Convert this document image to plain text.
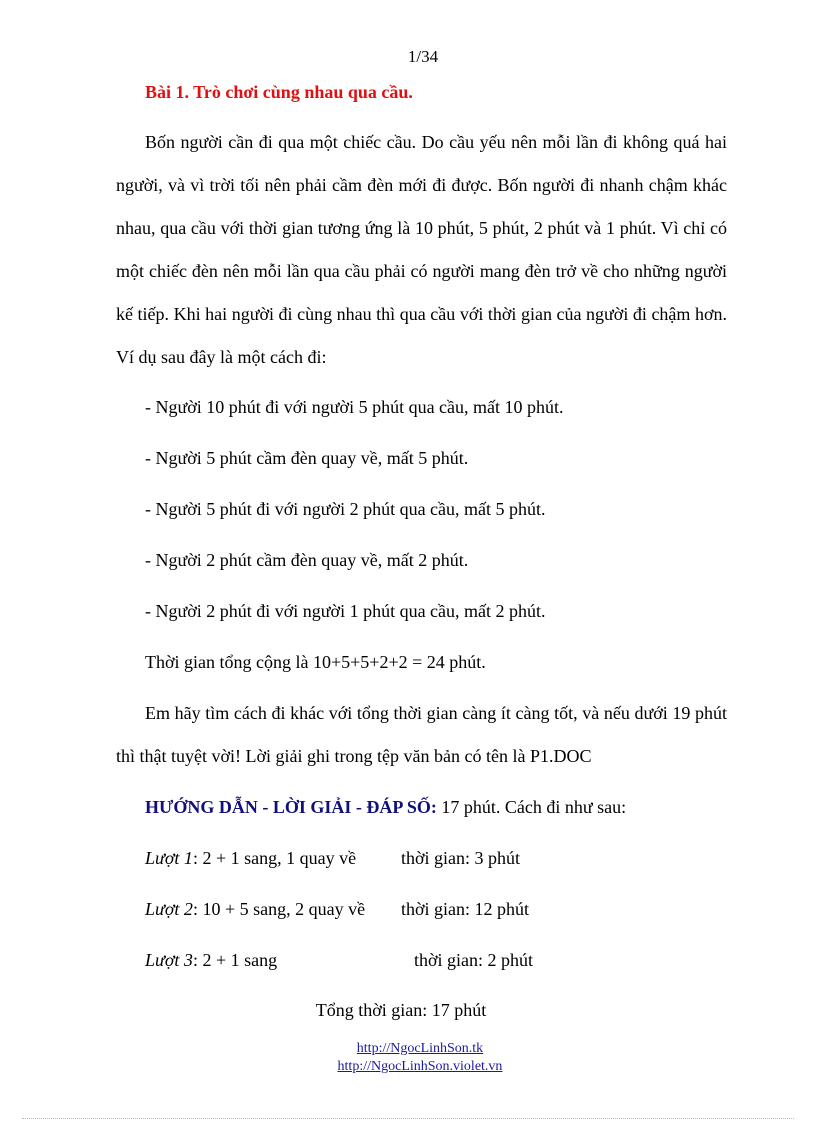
1/34
Bài 1. Trò chơi cùng nhau qua cầu.
Bốn người cần đi qua một chiếc cầu. Do cầu yếu nên mỗi lần đi không quá hai người, và vì trời tối nên phải cầm đèn mới đi được. Bốn người đi nhanh chậm khác nhau, qua cầu với thời gian tương ứng là 10 phút, 5 phút, 2 phút và 1 phút. Vì chỉ có một chiếc đèn nên mỗi lần qua cầu phải có người mang đèn trở về cho những người kế tiếp. Khi hai người đi cùng nhau thì qua cầu với thời gian của người đi chậm hơn. Ví dụ sau đây là một cách đi:
- Người 10 phút đi với người 5 phút qua cầu, mất 10 phút.
- Người 5 phút cầm đèn quay về, mất 5 phút.
- Người 5 phút đi với người 2 phút qua cầu, mất 5 phút.
- Người 2 phút cầm đèn quay về, mất 2 phút.
- Người 2 phút đi với người 1 phút qua cầu, mất 2 phút.
Thời gian tổng cộng là 10+5+5+2+2 = 24 phút.
Em hãy tìm cách đi khác với tổng thời gian càng ít càng tốt, và nếu dưới 19 phút thì thật tuyệt vời! Lời giải ghi trong tệp văn bản có tên là P1.DOC
HƯỚNG DẪN - LỜI GIẢI - ĐÁP SỐ: 17 phút. Cách đi như sau:
Lượt 1: 2 + 1 sang, 1 quay về thời gian: 3 phút
Lượt 2: 10 + 5 sang, 2 quay về thời gian: 12 phút
Lượt 3: 2 + 1 sang	thời gian: 2 phút
Tổng thời gian: 17 phút
http://NgocLinhSon.tk
http://NgocLinhSon.violet.vn
